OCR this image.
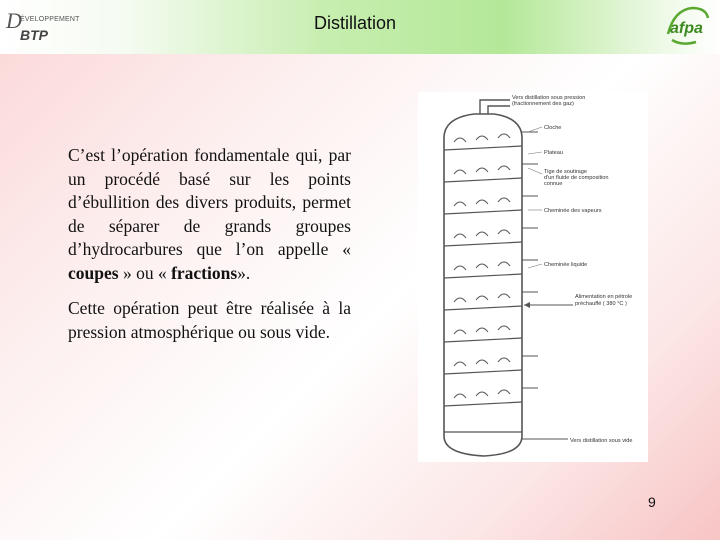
D
ÉVELOPPEMENT
BTP
Distillation	afpa

C’est l’opération fondamentale qui, par un procédé basé sur les points d’ébullition des divers produits, permet de séparer de grands groupes d’hydrocarbures que l’on appelle « coupes » ou « fractions».

Cette opération peut être réalisée à la pression atmosphérique ou sous vide.

Vers distillation sous pression
(fractionnement des gaz)
Cloche
Plateau
Tige de soutirage
d'un fluide de composition
connue
Cheminée des vapeurs
Cheminée liquide
Alimentation en pétrole
préchauffé ( 380 °C )
Vers distillation sous vide
9
